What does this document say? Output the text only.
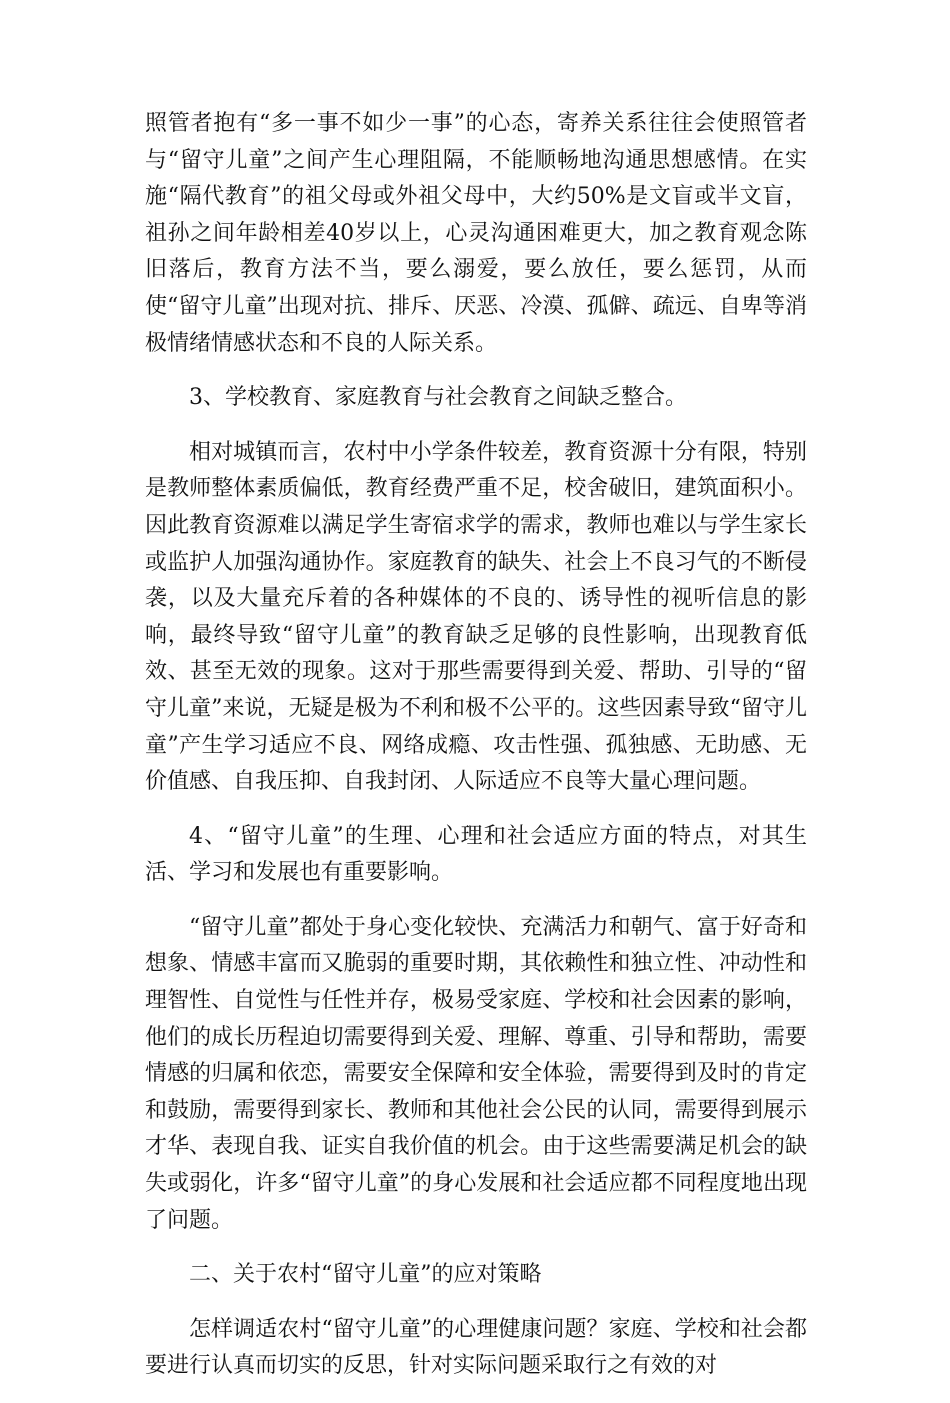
照管者抱有“多一事不如少一事”的心态，寄养关系往往会使照管者与“留守儿童”之间产生心理阻隔，不能顺畅地沟通思想感情。在实施“隔代教育”的祖父母或外祖父母中，大约50%是文盲或半文盲，祖孙之间年龄相差40岁以上，心灵沟通困难更大，加之教育观念陈旧落后，教育方法不当，要么溺爱，要么放任，要么惩罚，从而使“留守儿童”出现对抗、排斥、厌恶、冷漠、孤僻、疏远、自卑等消极情绪情感状态和不良的人际关系。

3、学校教育、家庭教育与社会教育之间缺乏整合。

相对城镇而言，农村中小学条件较差，教育资源十分有限，特别是教师整体素质偏低，教育经费严重不足，校舍破旧，建筑面积小。因此教育资源难以满足学生寄宿求学的需求，教师也难以与学生家长或监护人加强沟通协作。家庭教育的缺失、社会上不良习气的不断侵袭，以及大量充斥着的各种媒体的不良的、诱导性的视听信息的影响，最终导致“留守儿童”的教育缺乏足够的良性影响，出现教育低效、甚至无效的现象。这对于那些需要得到关爱、帮助、引导的“留守儿童”来说，无疑是极为不利和极不公平的。这些因素导致“留守儿童”产生学习适应不良、网络成瘾、攻击性强、孤独感、无助感、无价值感、自我压抑、自我封闭、人际适应不良等大量心理问题。

4、“留守儿童”的生理、心理和社会适应方面的特点，对其生活、学习和发展也有重要影响。

“留守儿童”都处于身心变化较快、充满活力和朝气、富于好奇和想象、情感丰富而又脆弱的重要时期，其依赖性和独立性、冲动性和理智性、自觉性与任性并存，极易受家庭、学校和社会因素的影响，他们的成长历程迫切需要得到关爱、理解、尊重、引导和帮助，需要情感的归属和依恋，需要安全保障和安全体验，需要得到及时的肯定和鼓励，需要得到家长、教师和其他社会公民的认同，需要得到展示才华、表现自我、证实自我价值的机会。由于这些需要满足机会的缺失或弱化，许多“留守儿童”的身心发展和社会适应都不同程度地出现了问题。

二、关于农村“留守儿童”的应对策略

怎样调适农村“留守儿童”的心理健康问题？家庭、学校和社会都要进行认真而切实的反思，针对实际问题采取行之有效的对
